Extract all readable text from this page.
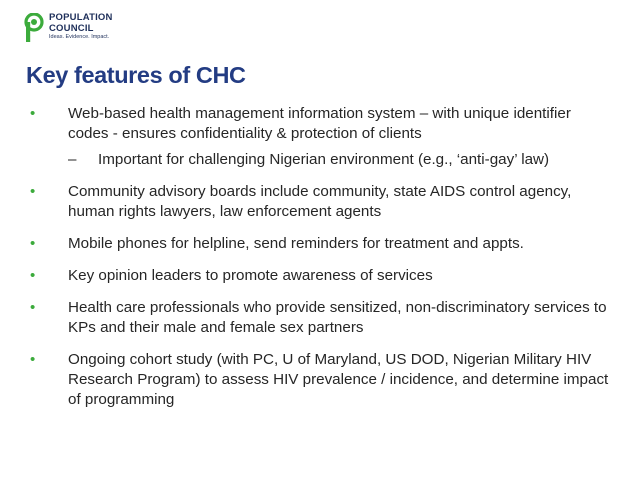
POPULATION
COUNCIL
Ideas. Evidence. Impact.
Key features of CHC
• Web-based health management information system – with unique identifier codes - ensures confidentiality & protection of clients
– Important for challenging Nigerian environment (e.g., ‘anti-gay’ law)
• Community advisory boards include community, state AIDS control agency, human rights lawyers, law enforcement agents
• Mobile phones for helpline, send reminders for treatment and appts.
• Key opinion leaders to promote awareness of services
• Health care professionals who provide sensitized, non-discriminatory services to KPs and their male and female sex partners
• Ongoing cohort study (with PC, U of Maryland, US DOD, Nigerian Military HIV Research Program) to assess HIV prevalence / incidence, and determine impact of programming
